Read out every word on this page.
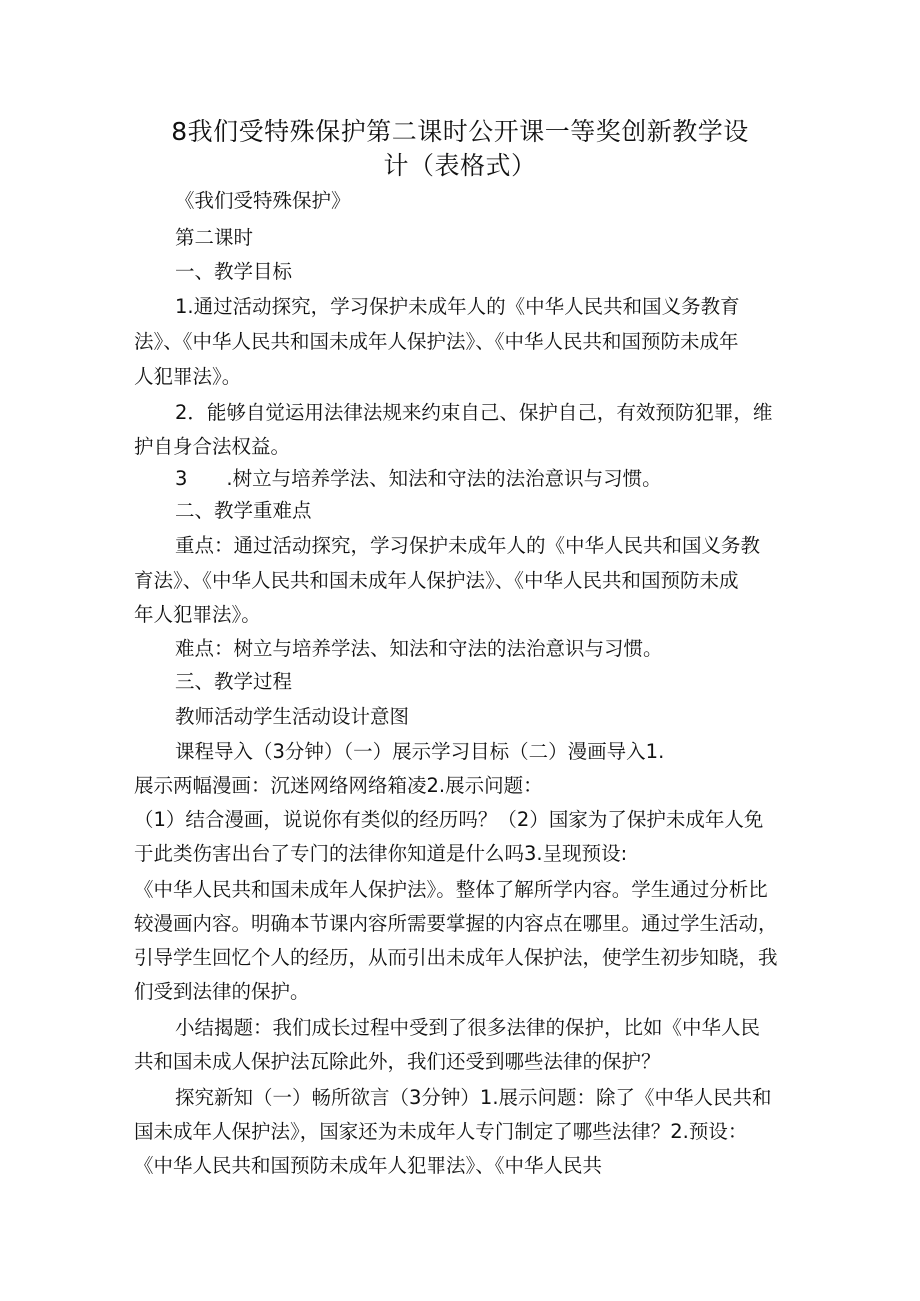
8我们受特殊保护第二课时公开课一等奖创新教学设
计（表格式）
《我们受特殊保护》
第二课时
一、教学目标
1.通过活动探究，学习保护未成年人的《中华人民共和国义务教育
法》、《中华人民共和国未成年人保护法》、《中华人民共和国预防未成年
人犯罪法》。
2．能够自觉运用法律法规来约束自己、保护自己，有效预防犯罪，维
护自身合法权益。
3　　.树立与培养学法、知法和守法的法治意识与习惯。
二、教学重难点
重点：通过活动探究，学习保护未成年人的《中华人民共和国义务教
育法》、《中华人民共和国未成年人保护法》、《中华人民共和国预防未成
年人犯罪法》。
难点：树立与培养学法、知法和守法的法治意识与习惯。
三、教学过程
教师活动学生活动设计意图
课程导入（3分钟）（一）展示学习目标（二）漫画导入1.
展示两幅漫画：沉迷网络网络箱凌2.展示问题：
（1）结合漫画，说说你有类似的经历吗？（2）国家为了保护未成年人免
于此类伤害出台了专门的法律你知道是什么吗3.呈现预设:
《中华人民共和国未成年人保护法》。整体了解所学内容。学生通过分析比
较漫画内容。明确本节课内容所需要掌握的内容点在哪里。通过学生活动，
引导学生回忆个人的经历，从而引出未成年人保护法，使学生初步知晓，我
们受到法律的保护。
小结揭题：我们成长过程中受到了很多法律的保护，比如《中华人民
共和国未成人保护法瓦除此外，我们还受到哪些法律的保护？
探究新知（一）畅所欲言（3分钟）1.展示问题：除了《中华人民共和
国未成年人保护法》，国家还为未成年人专门制定了哪些法律？2.预设：
《中华人民共和国预防未成年人犯罪法》、《中华人民共
